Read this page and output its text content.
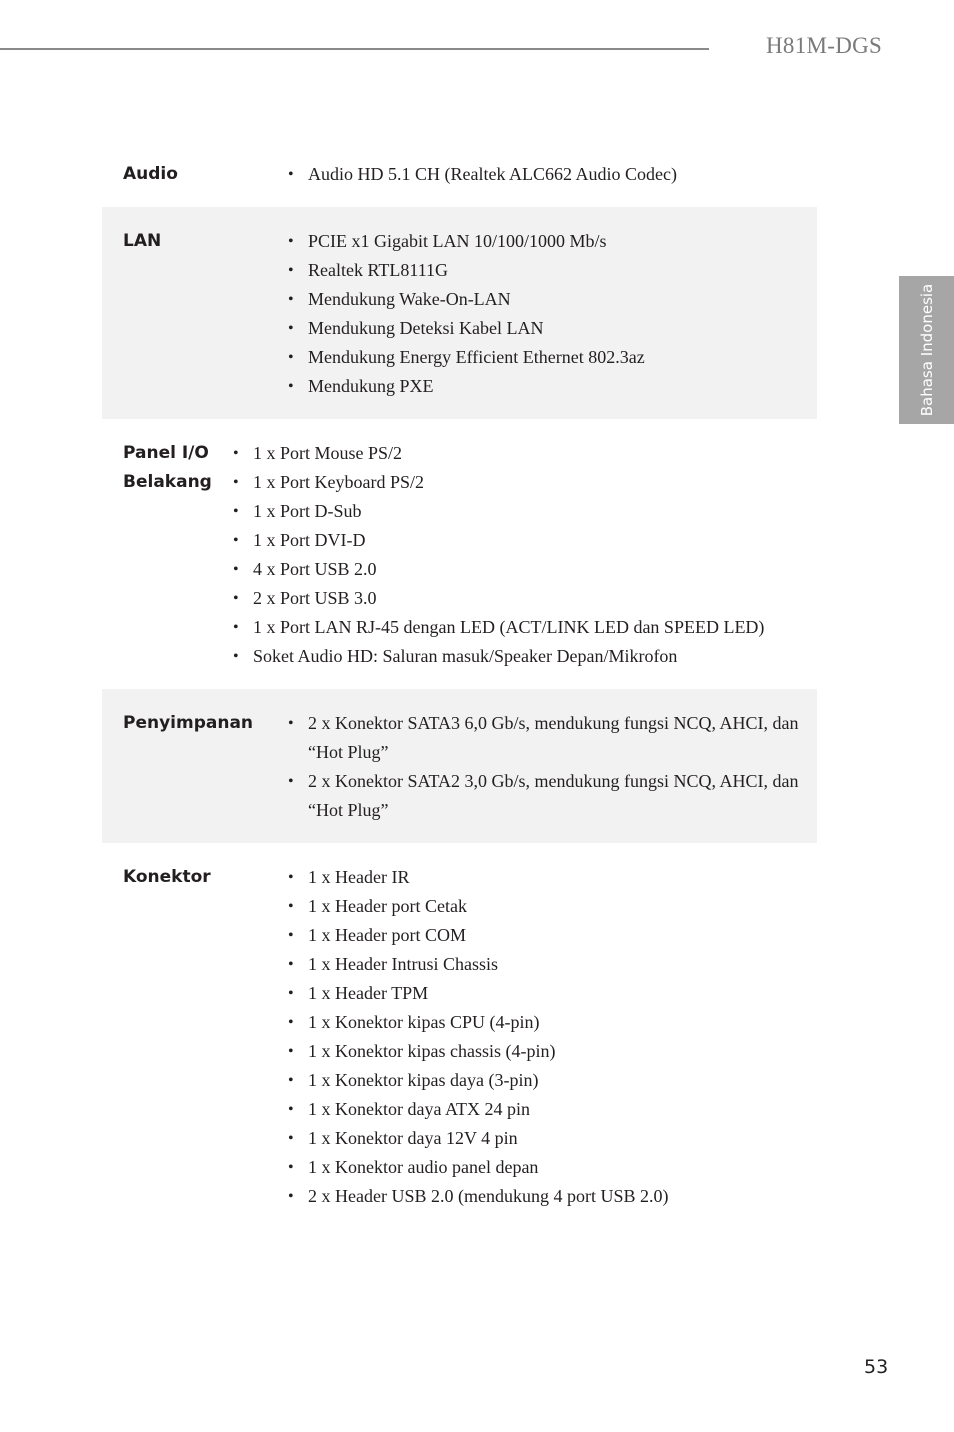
H81M-DGS
Bahasa Indonesia
Audio	• Audio HD 5.1 CH (Realtek ALC662 Audio Codec)
LAN	• PCIE x1 Gigabit LAN 10/100/1000 Mb/s
• Realtek RTL8111G
• Mendukung Wake-On-LAN
• Mendukung Deteksi Kabel LAN
• Mendukung Energy Efficient Ethernet 802.3az
• Mendukung PXE
Panel I/O Belakang
• 1 x Port Mouse PS/2
• 1 x Port Keyboard PS/2
• 1 x Port D-Sub
• 1 x Port DVI-D
• 4 x Port USB 2.0
• 2 x Port USB 3.0
• 1 x Port LAN RJ-45 dengan LED (ACT/LINK LED dan SPEED LED)
• Soket Audio HD: Saluran masuk/Speaker Depan/Mikrofon
Penyimpanan	• 2 x Konektor SATA3 6,0 Gb/s, mendukung fungsi NCQ, AHCI, dan “Hot Plug”
• 2 x Konektor SATA2 3,0 Gb/s, mendukung fungsi NCQ, AHCI, dan “Hot Plug”
Konektor	• 1 x Header IR
• 1 x Header port Cetak
• 1 x Header port COM
• 1 x Header Intrusi Chassis
• 1 x Header TPM
• 1 x Konektor kipas CPU (4-pin)
• 1 x Konektor kipas chassis (4-pin)
• 1 x Konektor kipas daya (3-pin)
• 1 x Konektor daya ATX 24 pin
• 1 x Konektor daya 12V 4 pin
• 1 x Konektor audio panel depan
• 2 x Header USB 2.0 (mendukung 4 port USB 2.0)
53
